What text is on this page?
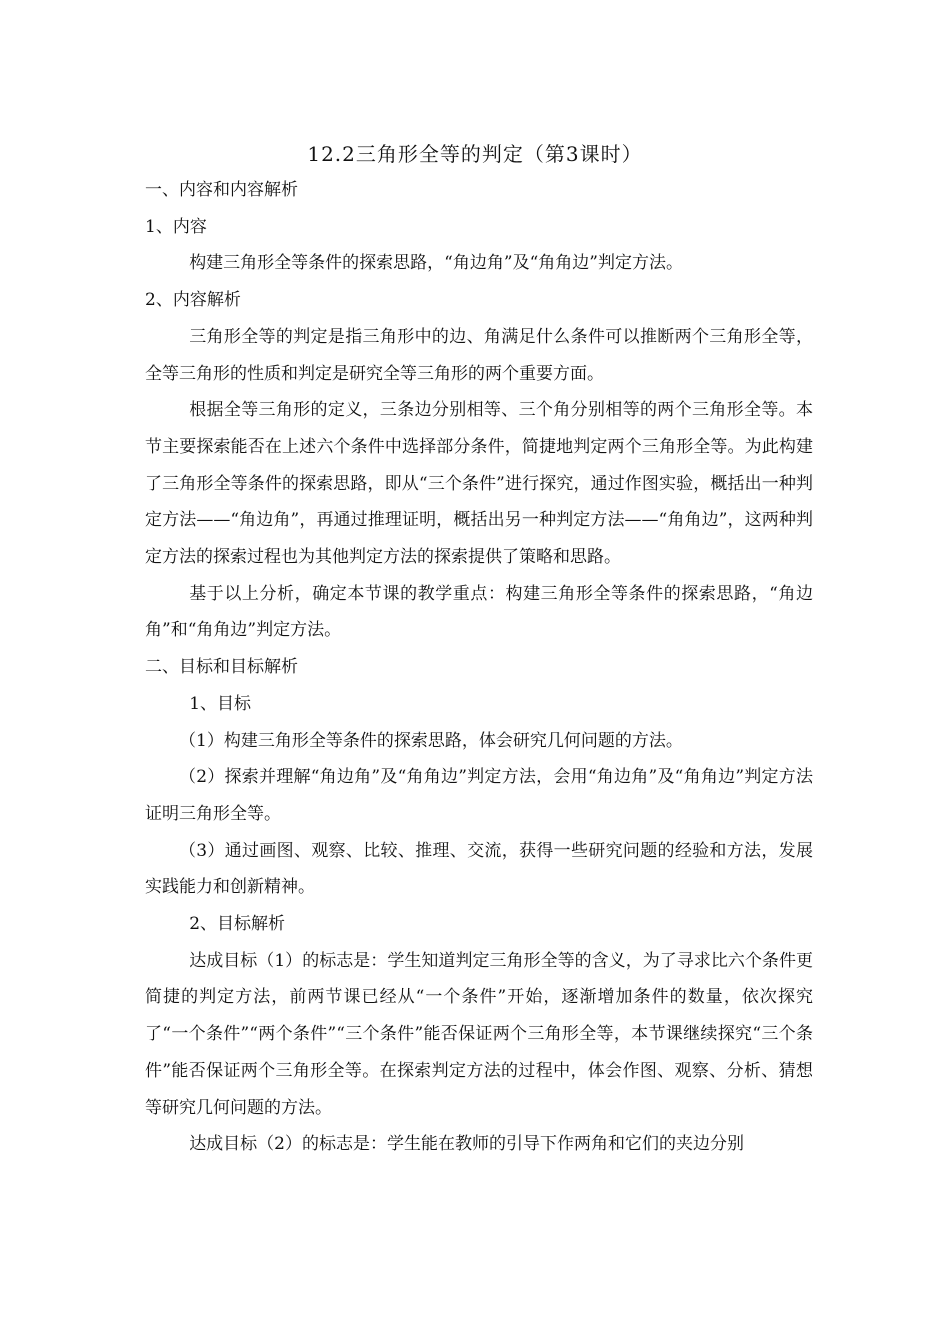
12.2三角形全等的判定（第3课时）

一、内容和内容解析

1、内容

构建三角形全等条件的探索思路，“角边角”及“角角边”判定方法。

2、内容解析

三角形全等的判定是指三角形中的边、角满足什么条件可以推断两个三角形全等，全等三角形的性质和判定是研究全等三角形的两个重要方面。

根据全等三角形的定义，三条边分别相等、三个角分别相等的两个三角形全等。本节主要探索能否在上述六个条件中选择部分条件，简捷地判定两个三角形全等。为此构建了三角形全等条件的探索思路，即从“三个条件”进行探究，通过作图实验，概括出一种判定方法——“角边角”，再通过推理证明，概括出另一种判定方法——“角角边”，这两种判定方法的探索过程也为其他判定方法的探索提供了策略和思路。

基于以上分析，确定本节课的教学重点：构建三角形全等条件的探索思路，“角边角”和“角角边”判定方法。

二、目标和目标解析

1、目标

（1）构建三角形全等条件的探索思路，体会研究几何问题的方法。

（2）探索并理解“角边角”及“角角边”判定方法，会用“角边角”及“角角边”判定方法证明三角形全等。

（3）通过画图、观察、比较、推理、交流，获得一些研究问题的经验和方法，发展实践能力和创新精神。

2、目标解析

达成目标（1）的标志是：学生知道判定三角形全等的含义，为了寻求比六个条件更简捷的判定方法，前两节课已经从“一个条件”开始，逐渐增加条件的数量，依次探究了“一个条件”“两个条件”“三个条件”能否保证两个三角形全等，本节课继续探究“三个条件”能否保证两个三角形全等。在探索判定方法的过程中，体会作图、观察、分析、猜想等研究几何问题的方法。

达成目标（2）的标志是：学生能在教师的引导下作两角和它们的夹边分别
